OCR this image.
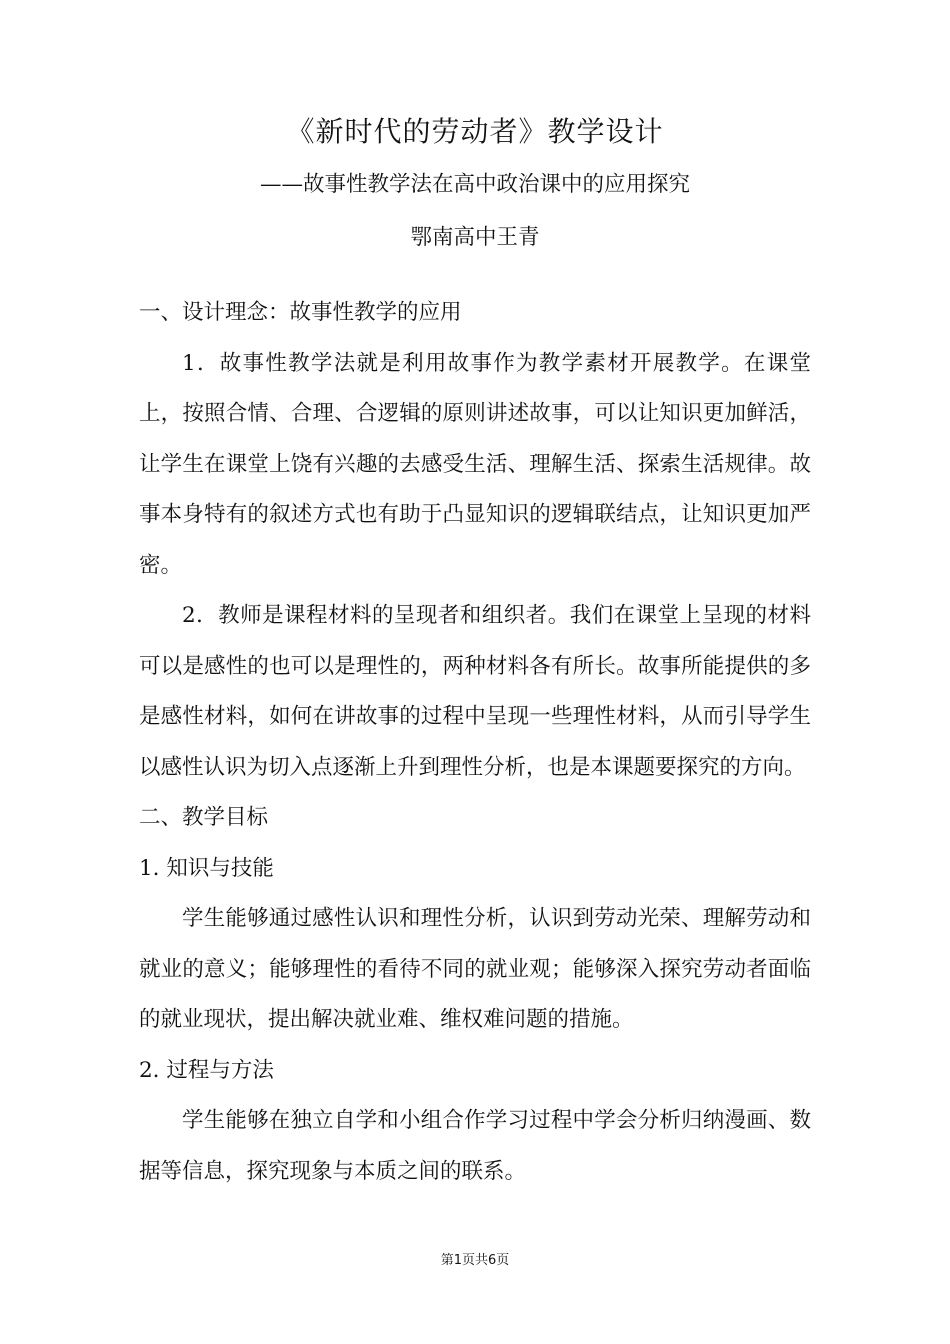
《新时代的劳动者》教学设计
——故事性教学法在高中政治课中的应用探究
鄂南高中王青

一、设计理念：故事性教学的应用

1．故事性教学法就是利用故事作为教学素材开展教学。在课堂上，按照合情、合理、合逻辑的原则讲述故事，可以让知识更加鲜活，让学生在课堂上饶有兴趣的去感受生活、理解生活、探索生活规律。故事本身特有的叙述方式也有助于凸显知识的逻辑联结点，让知识更加严密。

2．教师是课程材料的呈现者和组织者。我们在课堂上呈现的材料可以是感性的也可以是理性的，两种材料各有所长。故事所能提供的多是感性材料，如何在讲故事的过程中呈现一些理性材料，从而引导学生以感性认识为切入点逐渐上升到理性分析，也是本课题要探究的方向。

二、教学目标

1. 知识与技能

学生能够通过感性认识和理性分析，认识到劳动光荣、理解劳动和就业的意义；能够理性的看待不同的就业观；能够深入探究劳动者面临的就业现状，提出解决就业难、维权难问题的措施。

2. 过程与方法

学生能够在独立自学和小组合作学习过程中学会分析归纳漫画、数据等信息，探究现象与本质之间的联系。

第1页共6页
